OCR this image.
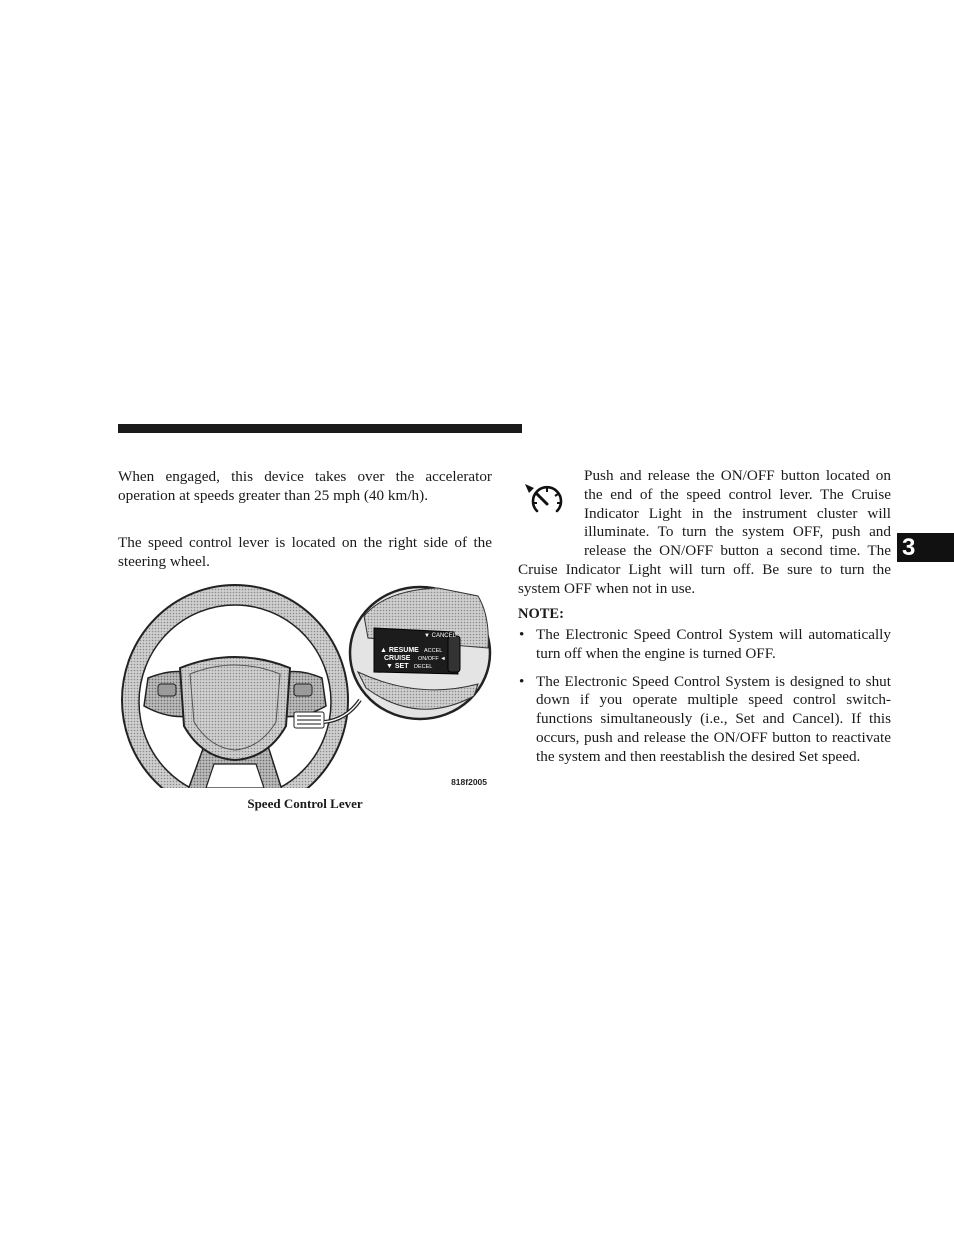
When engaged, this device takes over the accelerator operation at speeds greater than 25 mph (40 km/h).

The speed control lever is located on the right side of the steering wheel.

▼ CANCEL
▲ RESUME ACCEL
CRUISE ON/OFF ◄
▼ SET DECEL
818f2005
Speed Control Lever

Push and release the ON/OFF button located on the end of the speed control lever. The Cruise Indicator Light in the instrument cluster will illuminate. To turn the system OFF, push and release the ON/OFF button a second time. The Cruise Indicator Light will turn off. Be sure to turn the system OFF when not in use.

NOTE:
• The Electronic Speed Control System will automatically turn off when the engine is turned OFF.
• The Electronic Speed Control System is designed to shut down if you operate multiple speed control switch-functions simultaneously (i.e., Set and Cancel). If this occurs, push and release the ON/OFF button to reactivate the system and then reestablish the desired Set speed.
3
